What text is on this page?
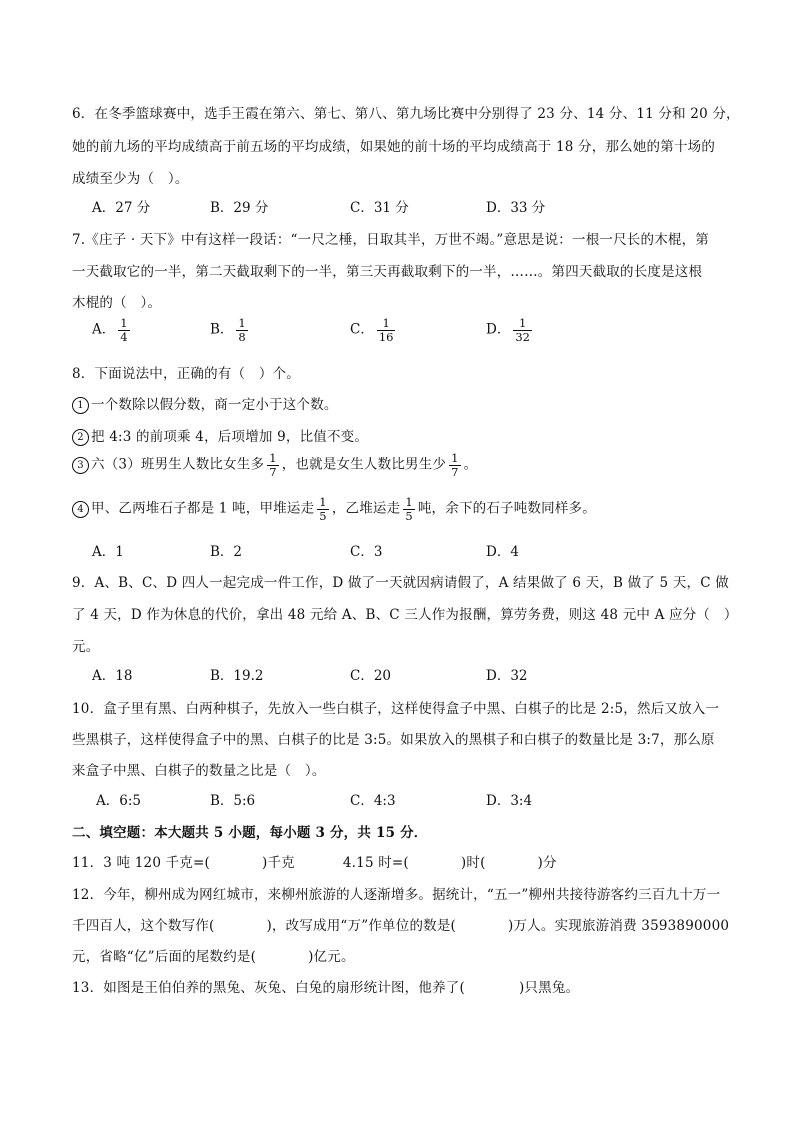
6．在冬季篮球赛中，选手王霞在第六、第七、第八、第九场比赛中分别得了 23 分、14 分、11 分和 20 分，
她的前九场的平均成绩高于前五场的平均成绩，如果她的前十场的平均成绩高于 18 分，那么她的第十场的
成绩至少为（　）。
A．27 分	B．29 分	C．31 分	D．33 分
7.《庄子 · 天下》中有这样一段话：“一尺之棰，日取其半，万世不竭。”意思是说：一根一尺长的木棍，第
一天截取它的一半，第二天截取剩下的一半，第三天再截取剩下的一半，……。第四天截取的长度是这根
木棍的（　）。
A． $\frac{1}{4}$	B． $\frac{1}{8}$	C． $\frac{1}{16}$	D． $\frac{1}{32}$
8．下面说法中，正确的有（　）个。
1 一个数除以假分数，商一定小于这个数。
2 把 4:3 的前项乘 4，后项增加 9，比值不变。
3 六（3）班男生人数比女生多 $\frac{1}{7}$ ，也就是女生人数比男生少 $\frac{1}{7}$ 。
4 甲、乙两堆石子都是 1 吨，甲堆运走 $\frac{1}{5}$ ，乙堆运走 $\frac{1}{5}$ 吨，余下的石子吨数同样多。
A．1	B．2	C．3	D．4
9．A、B、C、D 四人一起完成一件工作，D 做了一天就因病请假了，A 结果做了 6 天，B 做了 5 天，C 做
了 4 天，D 作为休息的代价，拿出 48 元给 A、B、C 三人作为报酬，算劳务费，则这 48 元中 A 应分（　）
元。
A．18	B．19.2	C．20	D．32
10．盒子里有黑、白两种棋子，先放入一些白棋子，这样使得盒子中黑、白棋子的比是 2:5，然后又放入一
些黑棋子，这样使得盒子中的黑、白棋子的比是 3:5。如果放入的黑棋子和白棋子的数量比是 3:7，那么原
来盒子中黑、白棋子的数量之比是（　）。
A．6:5	B．5:6	C．4:3	D．3:4
二、填空题：本大题共 5 小题，每小题 3 分，共 15 分．
11．3 吨 120 千克=(	)千克	4.15 时=(	)时(	)分
12．今年，柳州成为网红城市，来柳州旅游的人逐渐增多。据统计，“五一”柳州共接待游客约三百九十万一
千四百人，这个数写作(	)，改写成用“万”作单位的数是(	)万人。实现旅游消费 3593890000
元，省略“亿”后面的尾数约是(	)亿元。
13．如图是王伯伯养的黑兔、灰兔、白兔的扇形统计图，他养了(	)只黑兔。
